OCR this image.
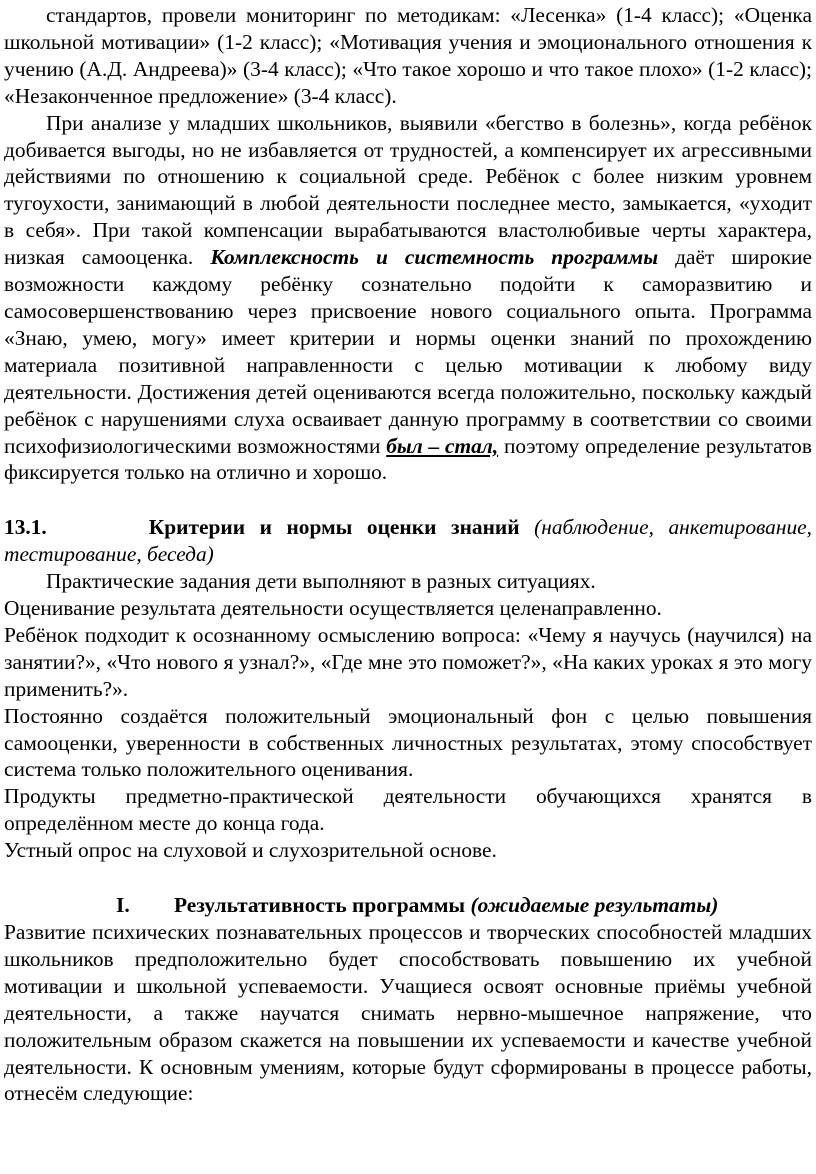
стандартов, провели мониторинг по методикам: «Лесенка» (1-4 класс); «Оценка школьной мотивации» (1-2 класс); «Мотивация учения и эмоционального отношения к учению (А.Д. Андреева)» (3-4 класс); «Что такое хорошо и что такое плохо» (1-2 класс); «Незаконченное предложение» (3-4 класс).

При анализе у младших школьников, выявили «бегство в болезнь», когда ребёнок добивается выгоды, но не избавляется от трудностей, а компенсирует их агрессивными действиями по отношению к социальной среде. Ребёнок с более низким уровнем тугоухости, занимающий в любой деятельности последнее место, замыкается, «уходит в себя». При такой компенсации вырабатываются властолюбивые черты характера, низкая самооценка. Комплексность и системность программы даёт широкие возможности каждому ребёнку сознательно подойти к саморазвитию и самосовершенствованию через присвоение нового социального опыта. Программа «Знаю, умею, могу» имеет критерии и нормы оценки знаний по прохождению материала позитивной направленности с целью мотивации к любому виду деятельности. Достижения детей оцениваются всегда положительно, поскольку каждый ребёнок с нарушениями слуха осваивает данную программу в соответствии со своими психофизиологическими возможностями был – стал, поэтому определение результатов фиксируется только на отлично и хорошо.

13.1.	Критерии и нормы оценки знаний (наблюдение, анкетирование, тестирование, беседа)

Практические задания дети выполняют в разных ситуациях.

Оценивание результата деятельности осуществляется целенаправленно.

Ребёнок подходит к осознанному осмыслению вопроса: «Чему я научусь (научился) на занятии?», «Что нового я узнал?», «Где мне это поможет?», «На каких уроках я это могу применить?».

Постоянно создаётся положительный эмоциональный фон с целью повышения самооценки, уверенности в собственных личностных результатах, этому способствует система только положительного оценивания.

Продукты предметно-практической деятельности обучающихся хранятся в определённом месте до конца года.

Устный опрос на слуховой и слухозрительной основе.

I. Результативность программы (ожидаемые результаты)

Развитие психических познавательных процессов и творческих способностей младших школьников предположительно будет способствовать повышению их учебной мотивации и школьной успеваемости. Учащиеся освоят основные приёмы учебной деятельности, а также научатся снимать нервно-мышечное напряжение, что положительным образом скажется на повышении их успеваемости и качестве учебной деятельности. К основным умениям, которые будут сформированы в процессе работы, отнесём следующие:
